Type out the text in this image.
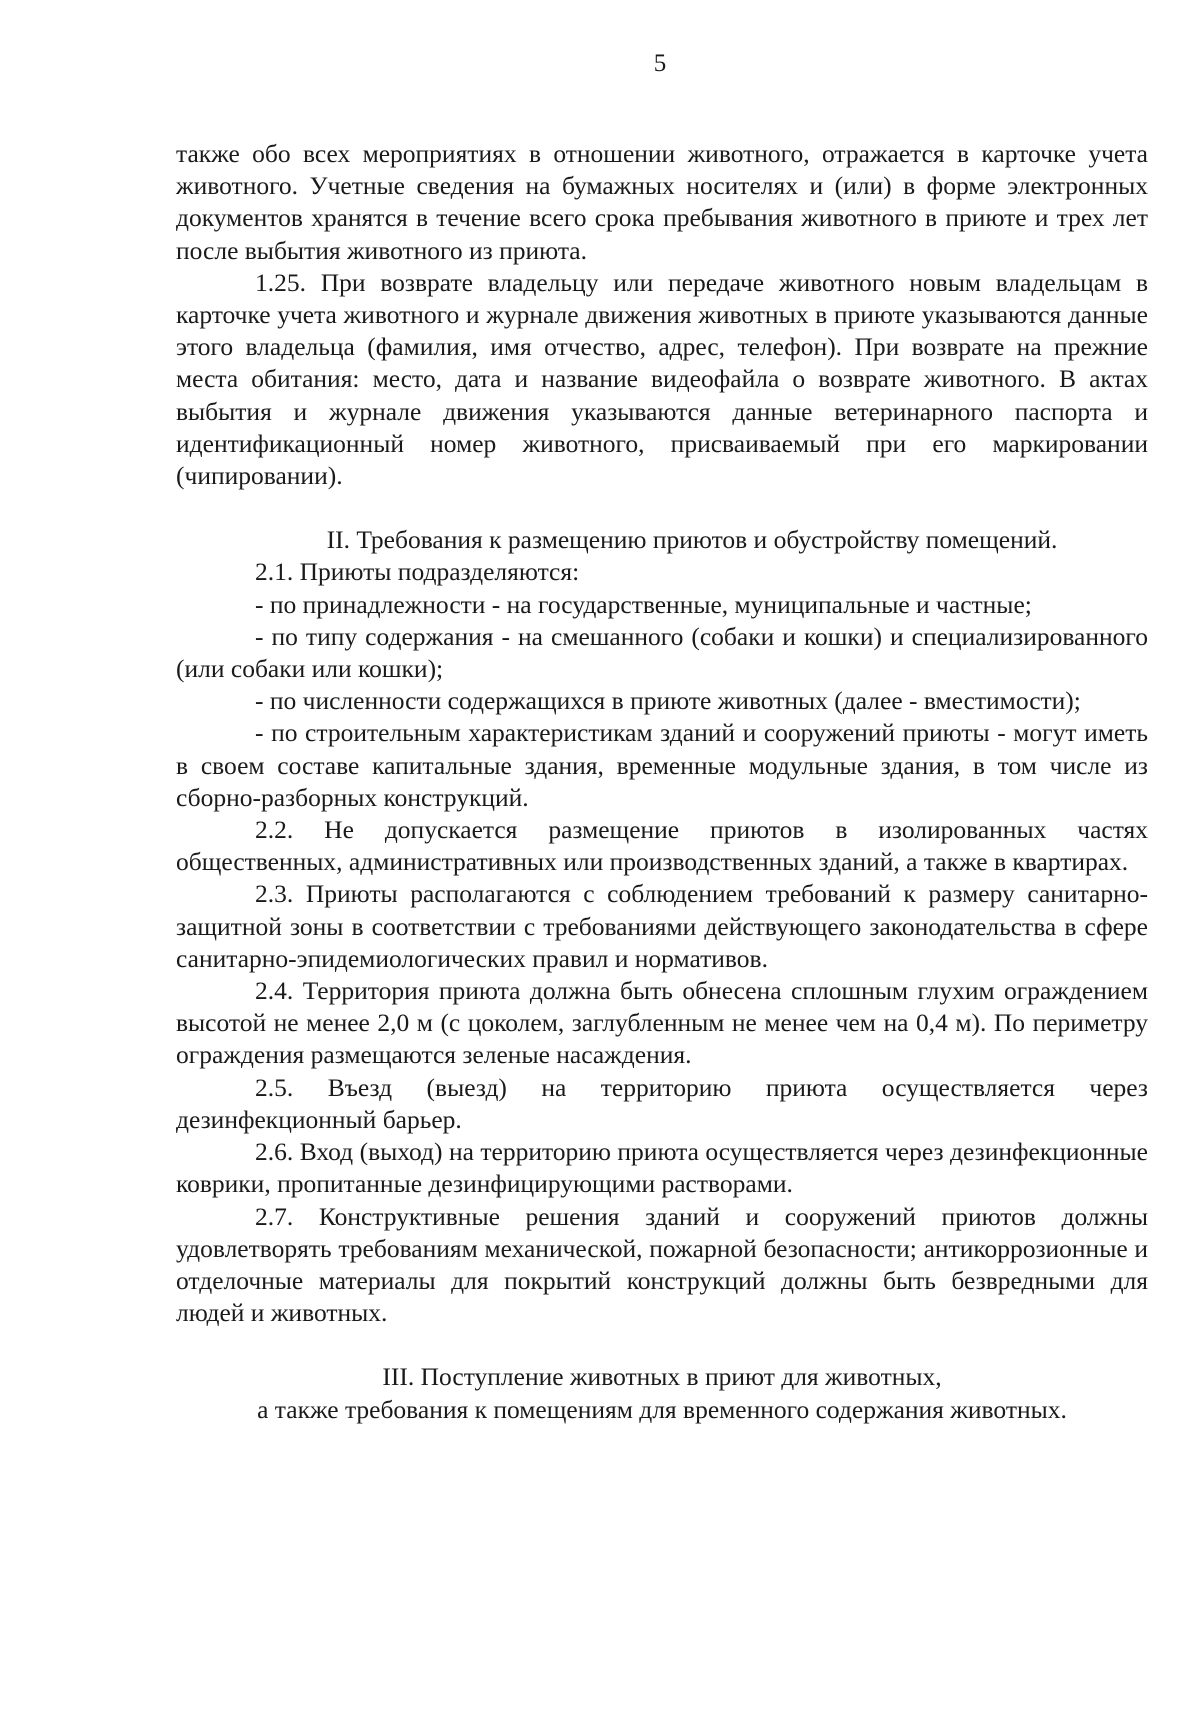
5

также обо всех мероприятиях в отношении животного, отражается в карточке учета животного. Учетные сведения на бумажных носителях и (или) в форме электронных документов хранятся в течение всего срока пребывания животного в приюте и трех лет после выбытия животного из приюта.

1.25. При возврате владельцу или передаче животного новым владельцам в карточке учета животного и журнале движения животных в приюте указываются данные этого владельца (фамилия, имя отчество, адрес, телефон). При возврате на прежние места обитания: место, дата и название видеофайла о возврате животного. В актах выбытия и журнале движения указываются данные ветеринарного паспорта и идентификационный номер животного, присваиваемый при его маркировании (чипировании).

II. Требования к размещению приютов и обустройству помещений.

2.1. Приюты подразделяются:

- по принадлежности - на государственные, муниципальные и частные;

- по типу содержания - на смешанного (собаки и кошки) и специализированного (или собаки или кошки);

- по численности содержащихся в приюте животных (далее - вместимости);

- по строительным характеристикам зданий и сооружений приюты - могут иметь в своем составе капитальные здания, временные модульные здания, в том числе из сборно-разборных конструкций.

2.2. Не допускается размещение приютов в изолированных частях общественных, административных или производственных зданий, а также в квартирах.

2.3. Приюты располагаются с соблюдением требований к размеру санитарно-защитной зоны в соответствии с требованиями действующего законодательства в сфере санитарно-эпидемиологических правил и нормативов.

2.4. Территория приюта должна быть обнесена сплошным глухим ограждением высотой не менее 2,0 м (с цоколем, заглубленным не менее чем на 0,4 м). По периметру ограждения размещаются зеленые насаждения.

2.5. Въезд (выезд) на территорию приюта осуществляется через дезинфекционный барьер.

2.6. Вход (выход) на территорию приюта осуществляется через дезинфекционные коврики, пропитанные дезинфицирующими растворами.

2.7. Конструктивные решения зданий и сооружений приютов должны удовлетворять требованиям механической, пожарной безопасности; антикоррозионные и отделочные материалы для покрытий конструкций должны быть безвредными для людей и животных.

III. Поступление животных в приют для животных,

а также требования к помещениям для временного содержания животных.
